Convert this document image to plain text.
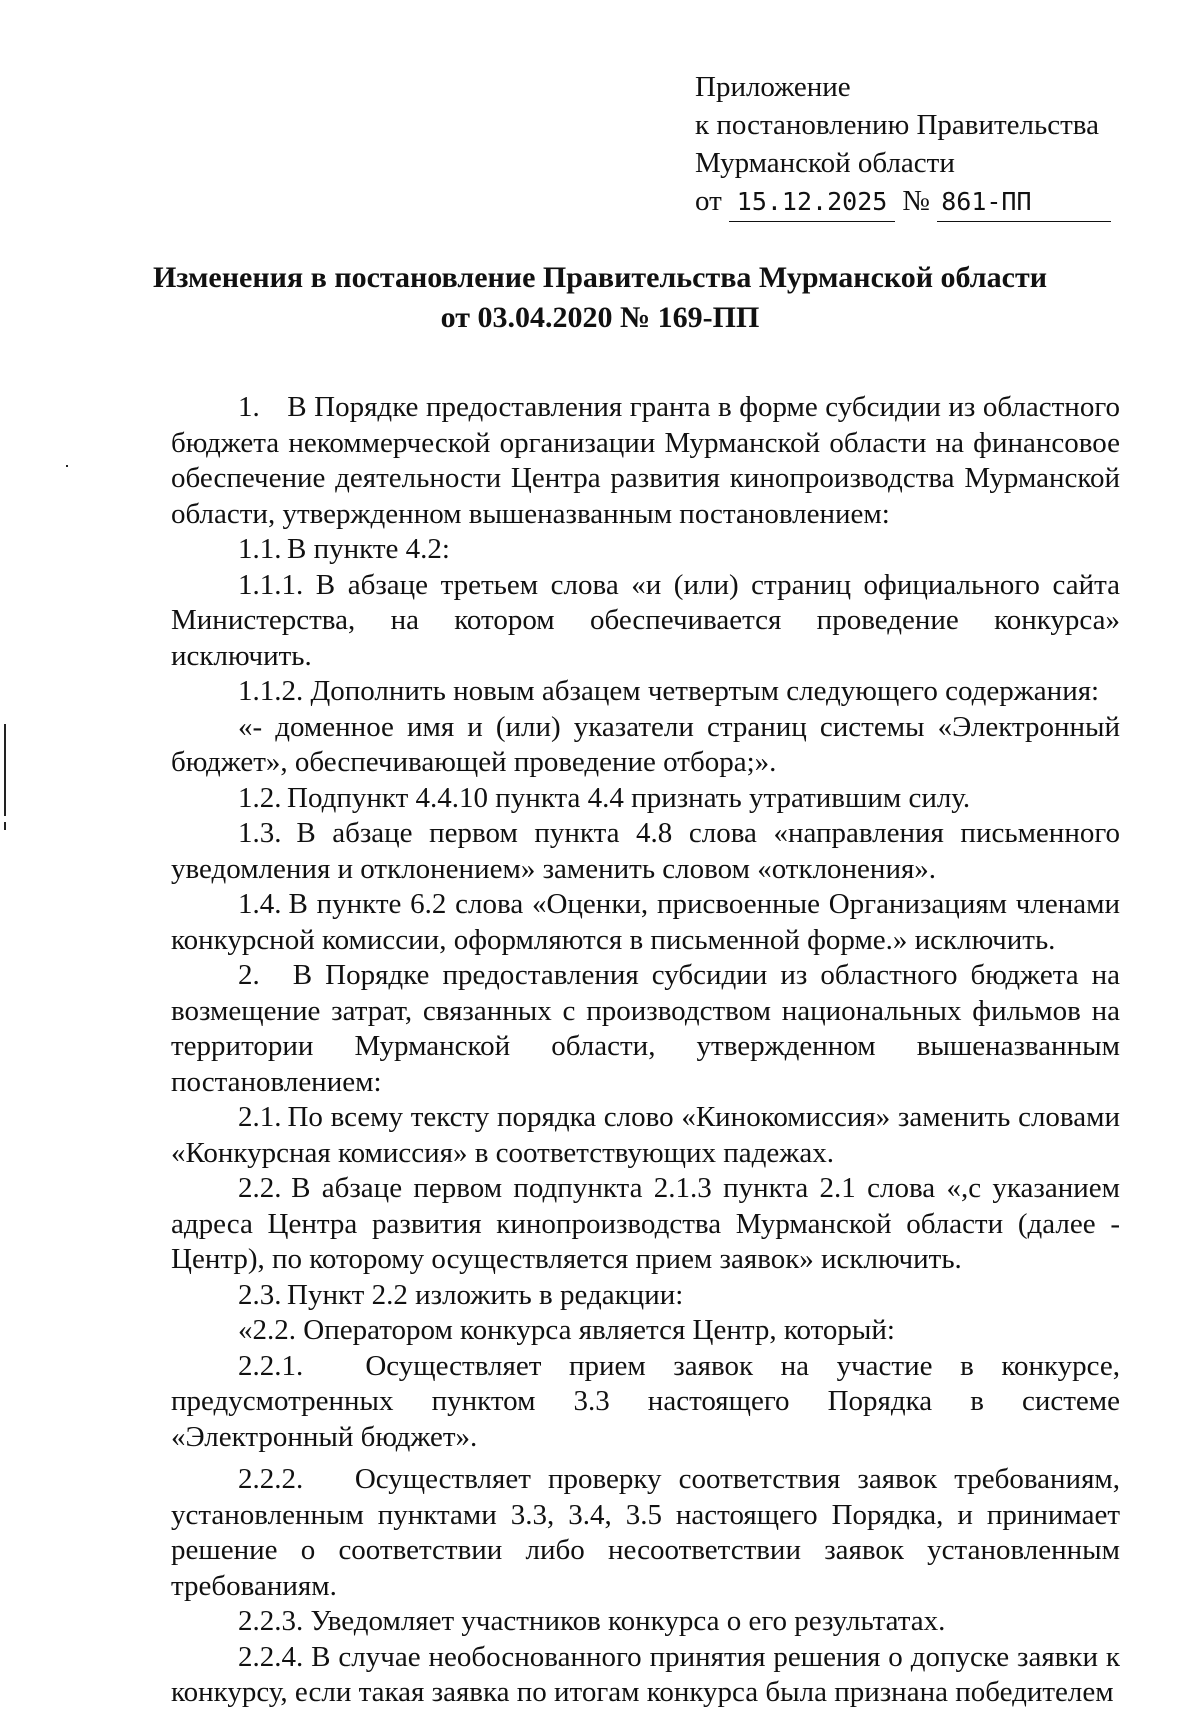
Приложение
к постановлению Правительства
Мурманской области
от 15.12.2025 № 861-ПП
Изменения в постановление Правительства Мурманской области
от 03.04.2020 № 169-ПП

1.	В Порядке предоставления гранта в форме субсидии из областного бюджета некоммерческой организации Мурманской области на финансовое обеспечение деятельности Центра развития кинопроизводства Мурманской области, утвержденном вышеназванным постановлением:

1.1.	В пункте 4.2:

1.1.1. В абзаце третьем слова «и (или) страниц официального сайта Министерства, на котором обеспечивается проведение конкурса» исключить.

1.1.2. Дополнить новым абзацем четвертым следующего содержания:

«- доменное имя и (или) указатели страниц системы «Электронный бюджет», обеспечивающей проведение отбора;».

1.2.	Подпункт 4.4.10 пункта 4.4 признать утратившим силу.

1.3.	В абзаце первом пункта 4.8 слова «направления письменного уведомления и отклонением» заменить словом «отклонения».

1.4.	В пункте 6.2 слова «Оценки, присвоенные Организациям членами конкурсной комиссии, оформляются в письменной форме.» исключить.

2.	В Порядке предоставления субсидии из областного бюджета на возмещение затрат, связанных с производством национальных фильмов на территории Мурманской области, утвержденном вышеназванным постановлением:

2.1.	По всему тексту порядка слово «Кинокомиссия» заменить словами «Конкурсная комиссия» в соответствующих падежах.

2.2.	В абзаце первом подпункта 2.1.3 пункта 2.1 слова «,с указанием адреса Центра развития кинопроизводства Мурманской области (далее - Центр), по которому осуществляется прием заявок» исключить.

2.3.	Пункт 2.2 изложить в редакции:

«2.2. Оператором конкурса является Центр, который:

2.2.1.	Осуществляет прием заявок на участие в конкурсе, предусмотренных пунктом 3.3 настоящего Порядка в системе «Электронный бюджет».

2.2.2.	Осуществляет проверку соответствия заявок требованиям, установленным пунктами 3.3, 3.4, 3.5 настоящего Порядка, и принимает решение о соответствии либо несоответствии заявок установленным требованиям.

2.2.3. Уведомляет участников конкурса о его результатах.

2.2.4. В случае необоснованного принятия решения о допуске заявки к конкурсу, если такая заявка по итогам конкурса была признана победителем
